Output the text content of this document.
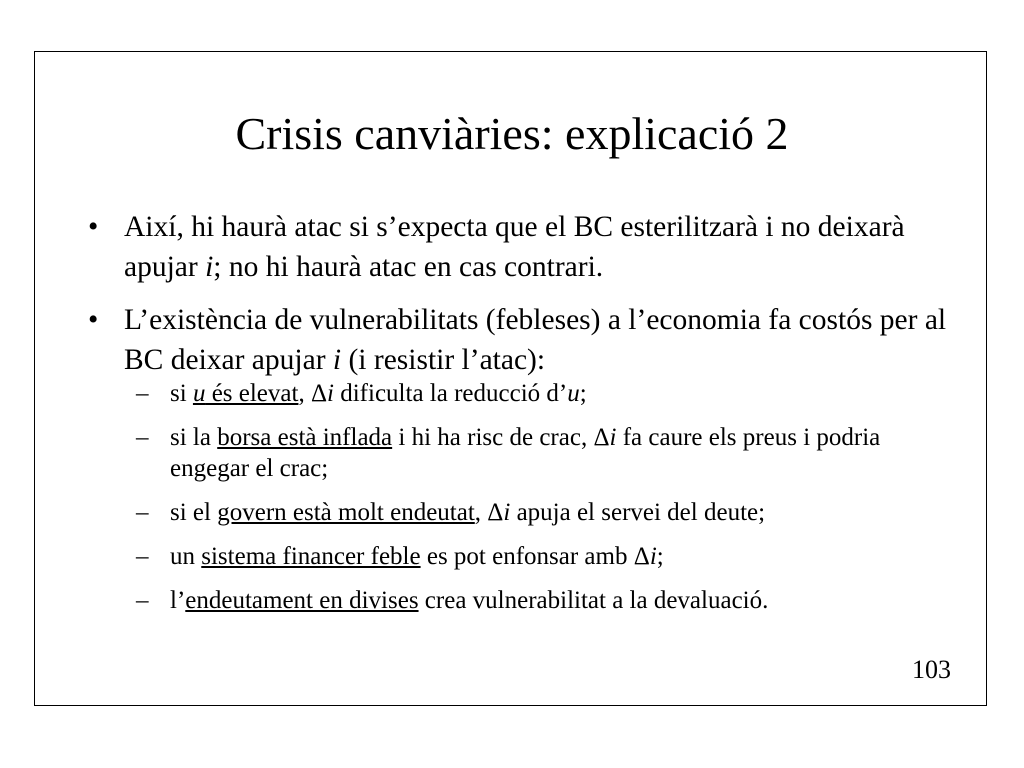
Crisis canviàries: explicació 2
• Així, hi haurà atac si s’expecta que el BC esterilitzarà i no deixarà apujar i; no hi haurà atac en cas contrari.
• L’existència de vulnerabilitats (febleses) a l’economia fa costós per al BC deixar apujar i (i resistir l’atac):
– si u és elevat, Δi dificulta la reducció d’u;
– si la borsa està inflada i hi ha risc de crac, Δi fa caure els preus i podria engegar el crac;
– si el govern està molt endeutat, Δi apuja el servei del deute;
– un sistema financer feble es pot enfonsar amb Δi;
– l’endeutament en divises crea vulnerabilitat a la devaluació.
103
